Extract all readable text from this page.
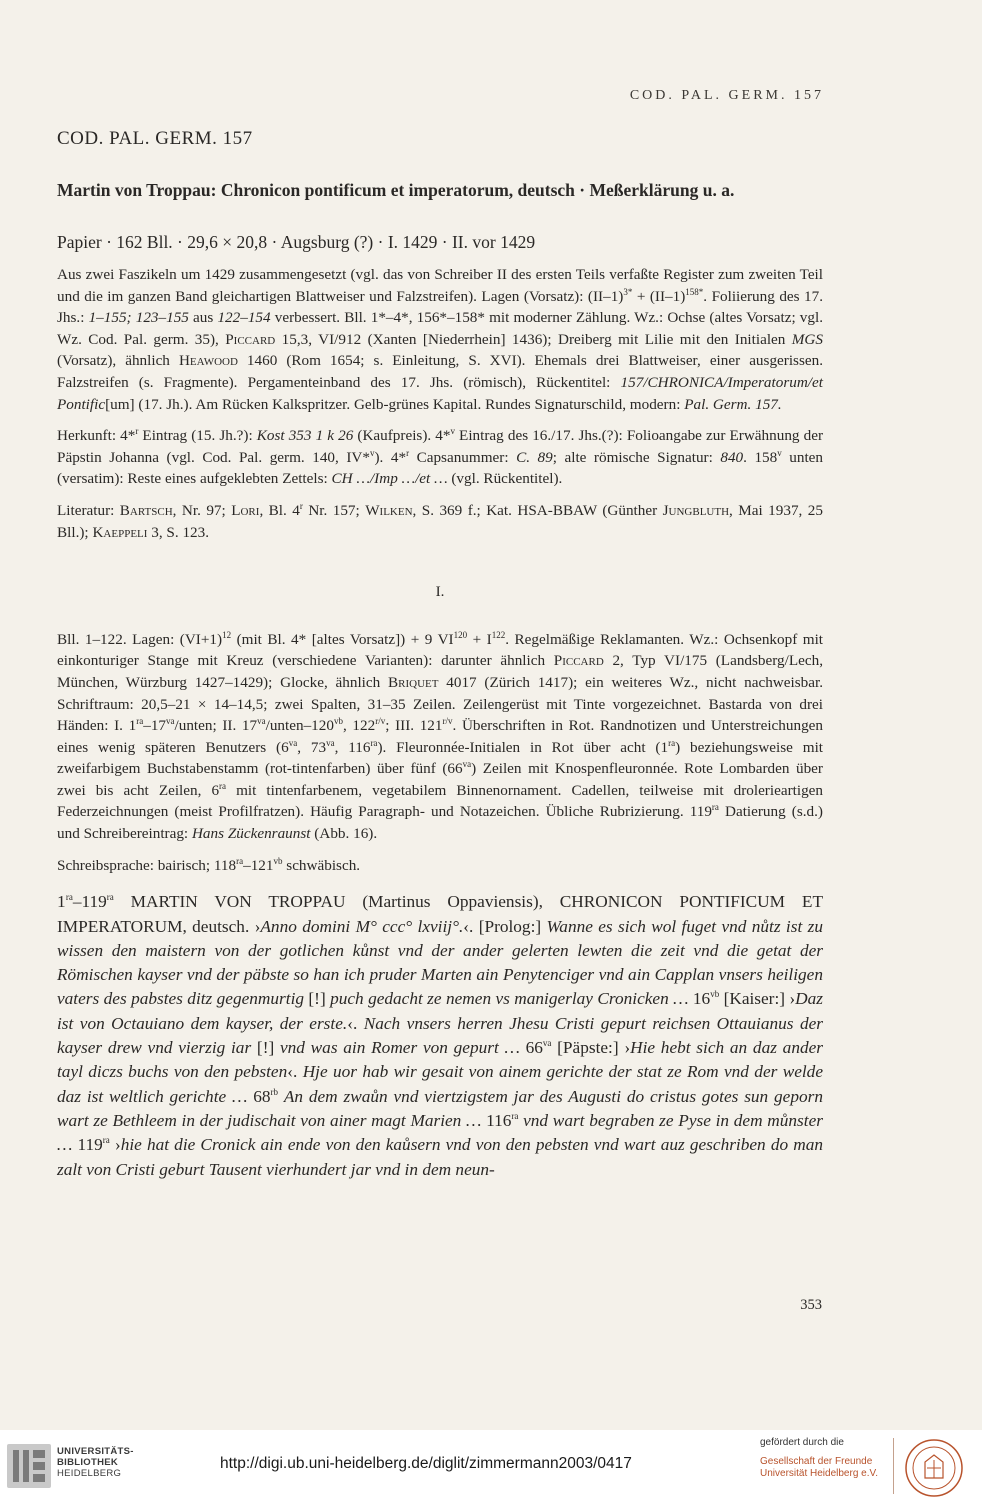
COD. PAL. GERM. 157

COD. PAL. GERM. 157

Martin von Troppau: Chronicon pontificum et imperatorum, deutsch · Meßerklärung u. a.

Papier · 162 Bll. · 29,6 × 20,8 · Augsburg (?) · I. 1429 · II. vor 1429

Aus zwei Faszikeln um 1429 zusammengesetzt (vgl. das von Schreiber II des ersten Teils verfaßte Register zum zweiten Teil und die im ganzen Band gleichartigen Blattweiser und Falzstreifen). Lagen (Vorsatz): $(II-1)^{3*} + (II-1)^{158*}$. Foliierung des 17. Jhs.: 1–155; 123–155 aus 122–154 verbessert. Bll. 1*–4*, 156*–158* mit moderner Zählung. Wz.: Ochse (altes Vorsatz; vgl. Wz. Cod. Pal. germ. 35), Piccard 15,3, VI/912 (Xanten [Niederrhein] 1436); Dreiberg mit Lilie mit den Initialen MGS (Vorsatz), ähnlich Heawood 1460 (Rom 1654; s. Einleitung, S. XVI). Ehemals drei Blattweiser, einer ausgerissen. Falzstreifen (s. Fragmente). Pergamenteinband des 17. Jhs. (römisch), Rückentitel: 157/CHRONICA/Imperatorum/et Pontific[um] (17. Jh.). Am Rücken Kalkspritzer. Gelb-grünes Kapital. Rundes Signaturschild, modern: Pal. Germ. 157.

Herkunft: 4*$^r$ Eintrag (15. Jh.?): Kost 353 1 k 26 (Kaufpreis). 4*$^v$ Eintrag des 16./17. Jhs.(?): Folioangabe zur Erwähnung der Päpstin Johanna (vgl. Cod. Pal. germ. 140, IV*$^v$). 4*$^r$ Capsanummer: C. 89; alte römische Signatur: 840. 158$^v$ unten (versatim): Reste eines aufgeklebten Zettels: CH …/Imp …/et … (vgl. Rückentitel).

Literatur: Bartsch, Nr. 97; Lori, Bl. 4$^r$ Nr. 157; Wilken, S. 369 f.; Kat. HSA-BBAW (Günther Jungbluth, Mai 1937, 25 Bll.); Kaeppeli 3, S. 123.

I.

Bll. 1–122. Lagen: $(VI+1)^{12}$ (mit Bl. 4* [altes Vorsatz]) + 9 $VI^{120} + I^{122}$. Regelmäßige Reklamanten. Wz.: Ochsenkopf mit einkonturiger Stange mit Kreuz (verschiedene Varianten): darunter ähnlich Piccard 2, Typ VI/175 (Landsberg/Lech, München, Würzburg 1427–1429); Glocke, ähnlich Briquet 4017 (Zürich 1417); ein weiteres Wz., nicht nachweisbar. Schriftraum: 20,5–21 × 14–14,5; zwei Spalten, 31–35 Zeilen. Zeilengerüst mit Tinte vorgezeichnet. Bastarda von drei Händen: I. $1^{ra}-17^{va}$/unten; II. $17^{va}/unten-120^{vb}$, $122^{r/v}$; III. $121^{r/v}$. Überschriften in Rot. Randnotizen und Unterstreichungen eines wenig späteren Benutzers ($6^{va}$, $73^{va}$, $116^{ra}$). Fleuronnée-Initialen in Rot über acht $(1^{ra})$ beziehungsweise mit zweifarbigem Buchstabenstamm (rot-tintenfarben) über fünf $(66^{va})$ Zeilen mit Knospenfleuronnée. Rote Lombarden über zwei bis acht Zeilen, $6^{ra}$ mit tintenfarbenem, vegetabilem Binnenornament. Cadellen, teilweise mit drolerieartigen Federzeichnungen (meist Profilfratzen). Häufig Paragraph- und Notazeichen. Übliche Rubrizierung. $119^{ra}$ Datierung (s.d.) und Schreibereintrag: Hans Zückenraunst (Abb. 16).

Schreibsprache: bairisch; $118^{ra}-121^{vb}$ schwäbisch.

$1^{ra}-119^{ra}$ MARTIN VON TROPPAU (Martinus Oppaviensis), CHRONICON PONTIFICUM ET IMPERATORUM, deutsch. ›Anno domini M° ccc° lxviij°.‹. [Prolog:] Wanne es sich wol fuget vnd nůtz ist zu wissen den maistern von der gotlichen kůnst vnd der ander gelerten lewten die zeit vnd die getat der Römischen kayser vnd der päbste so han ich pruder Marten ain Penytenciger vnd ain Capplan vnsers heiligen vaters des pabstes ditz gegenmurtig [!] puch gedacht ze nemen vs manigerlay Cronicken … $16^{vb}$ [Kaiser:] ›Daz ist von Octauiano dem kayser, der erste.‹. Nach vnsers herren Jhesu Cristi gepurt reichsen Ottauianus der kayser drew vnd vierzig iar [!] vnd was ain Romer von gepurt … $66^{va}$ [Päpste:] ›Hie hebt sich an daz ander tayl diczs buchs von den pebsten‹. Hje uor hab wir gesait von ainem gerichte der stat ze Rom vnd der welde daz ist weltlich gerichte … $68^{rb}$ An dem zwaůn vnd viertzigstem jar des Augusti do cristus gotes sun geporn wart ze Bethleem in der judischait von ainer magt Marien … $116^{ra}$ vnd wart begraben ze Pyse in dem můnster … $119^{ra}$ ›hie hat die Cronick ain ende von den kaůsern vnd von den pebsten vnd wart auz geschriben do man zalt von Cristi geburt Tausent vierhundert jar vnd in dem neun-

353
UNIVERSITÄTS-
BIBLIOTHEK
HEIDELBERG
http://digi.ub.uni-heidelberg.de/diglit/zimmermann2003/0417
gefördert durch die
Gesellschaft der Freunde
Universität Heidelberg e.V.
